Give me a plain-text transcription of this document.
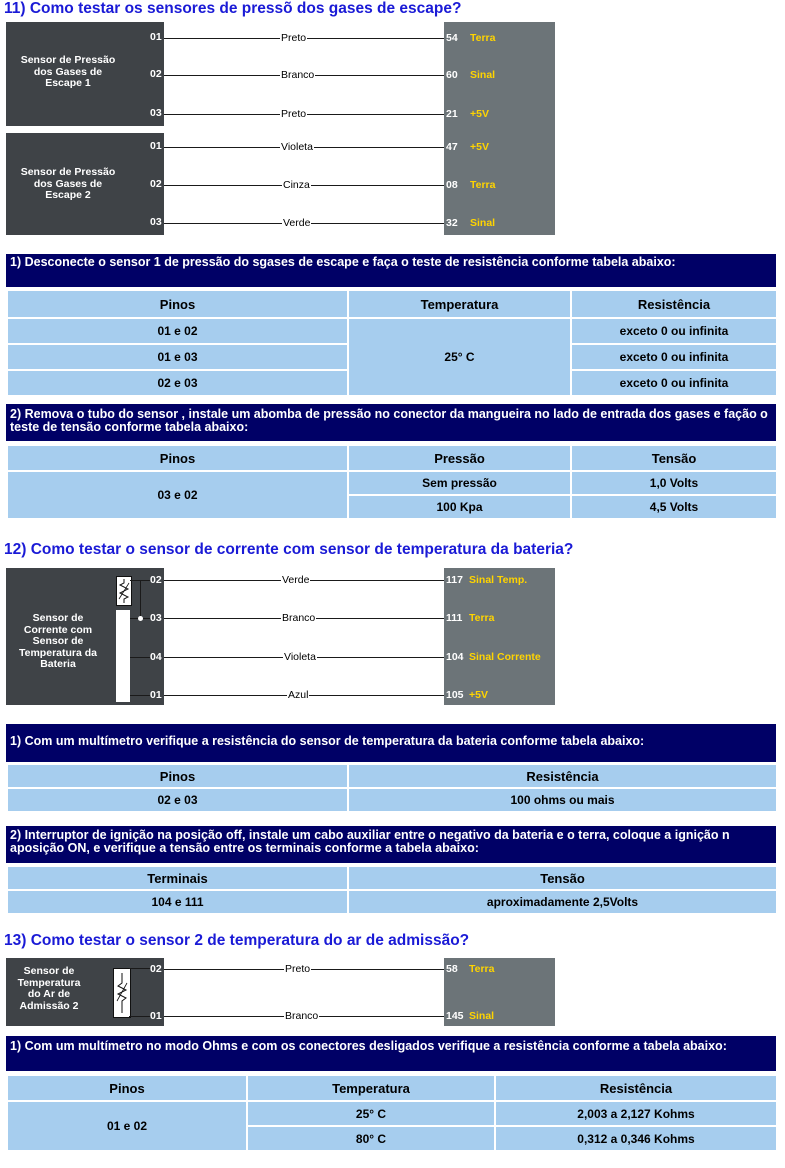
11) Como testar os sensores de pressõ dos gases de escape?
Sensor de Pressão dos Gases de Escape 1
Sensor de Pressão dos Gases de Escape 2
01	Preto	54 Terra
02	Branco	60 Sinal
03	Preto	21 +5V
01	Violeta	47 +5V
02	Cinza	08 Terra
03	Verde	32 Sinal
1) Desconecte o sensor 1 de pressão do sgases de escape e faça o teste de resistência conforme tabela abaixo:
Pinos	Temperatura	Resistência
01 e 02	25° C	exceto 0 ou infinita
01 e 03		exceto 0 ou infinita
02 e 03		exceto 0 ou infinita
2) Remova o tubo do sensor , instale um abomba de pressão no conector da mangueira no lado de entrada dos gases e fação o teste de tensão conforme tabela abaixo:
Pinos	Pressão	Tensão
03 e 02	Sem pressão	1,0 Volts
	100 Kpa	4,5 Volts
12) Como testar o sensor de corrente com sensor de temperatura da bateria?
Sensor de Corrente com Sensor de Temperatura da Bateria
02	Verde	117 Sinal Temp.
03	Branco	111 Terra
04	Violeta	104 Sinal Corrente
01	Azul	105 +5V
1) Com um multímetro verifique a resistência do sensor de temperatura da bateria conforme tabela abaixo:
Pinos	Resistência
02 e 03	100 ohms ou mais
2) Interruptor de ignição na posição off, instale um cabo auxiliar entre o negativo da bateria e o terra, coloque a ignição n aposição ON, e verifique a tensão entre os terminais conforme a tabela abaixo:
Terminais	Tensão
104 e 111	aproximadamente 2,5Volts
13) Como testar o sensor 2 de temperatura do ar de admissão?
Sensor de Temperatura do Ar de Admissão 2
02	Preto	58 Terra
01	Branco	145 Sinal
1) Com um multímetro no modo Ohms e com os conectores desligados verifique a resistência conforme a tabela abaixo:
Pinos	Temperatura	Resistência
01 e 02	25° C	2,003 a 2,127 Kohms
	80° C	0,312 a 0,346 Kohms
